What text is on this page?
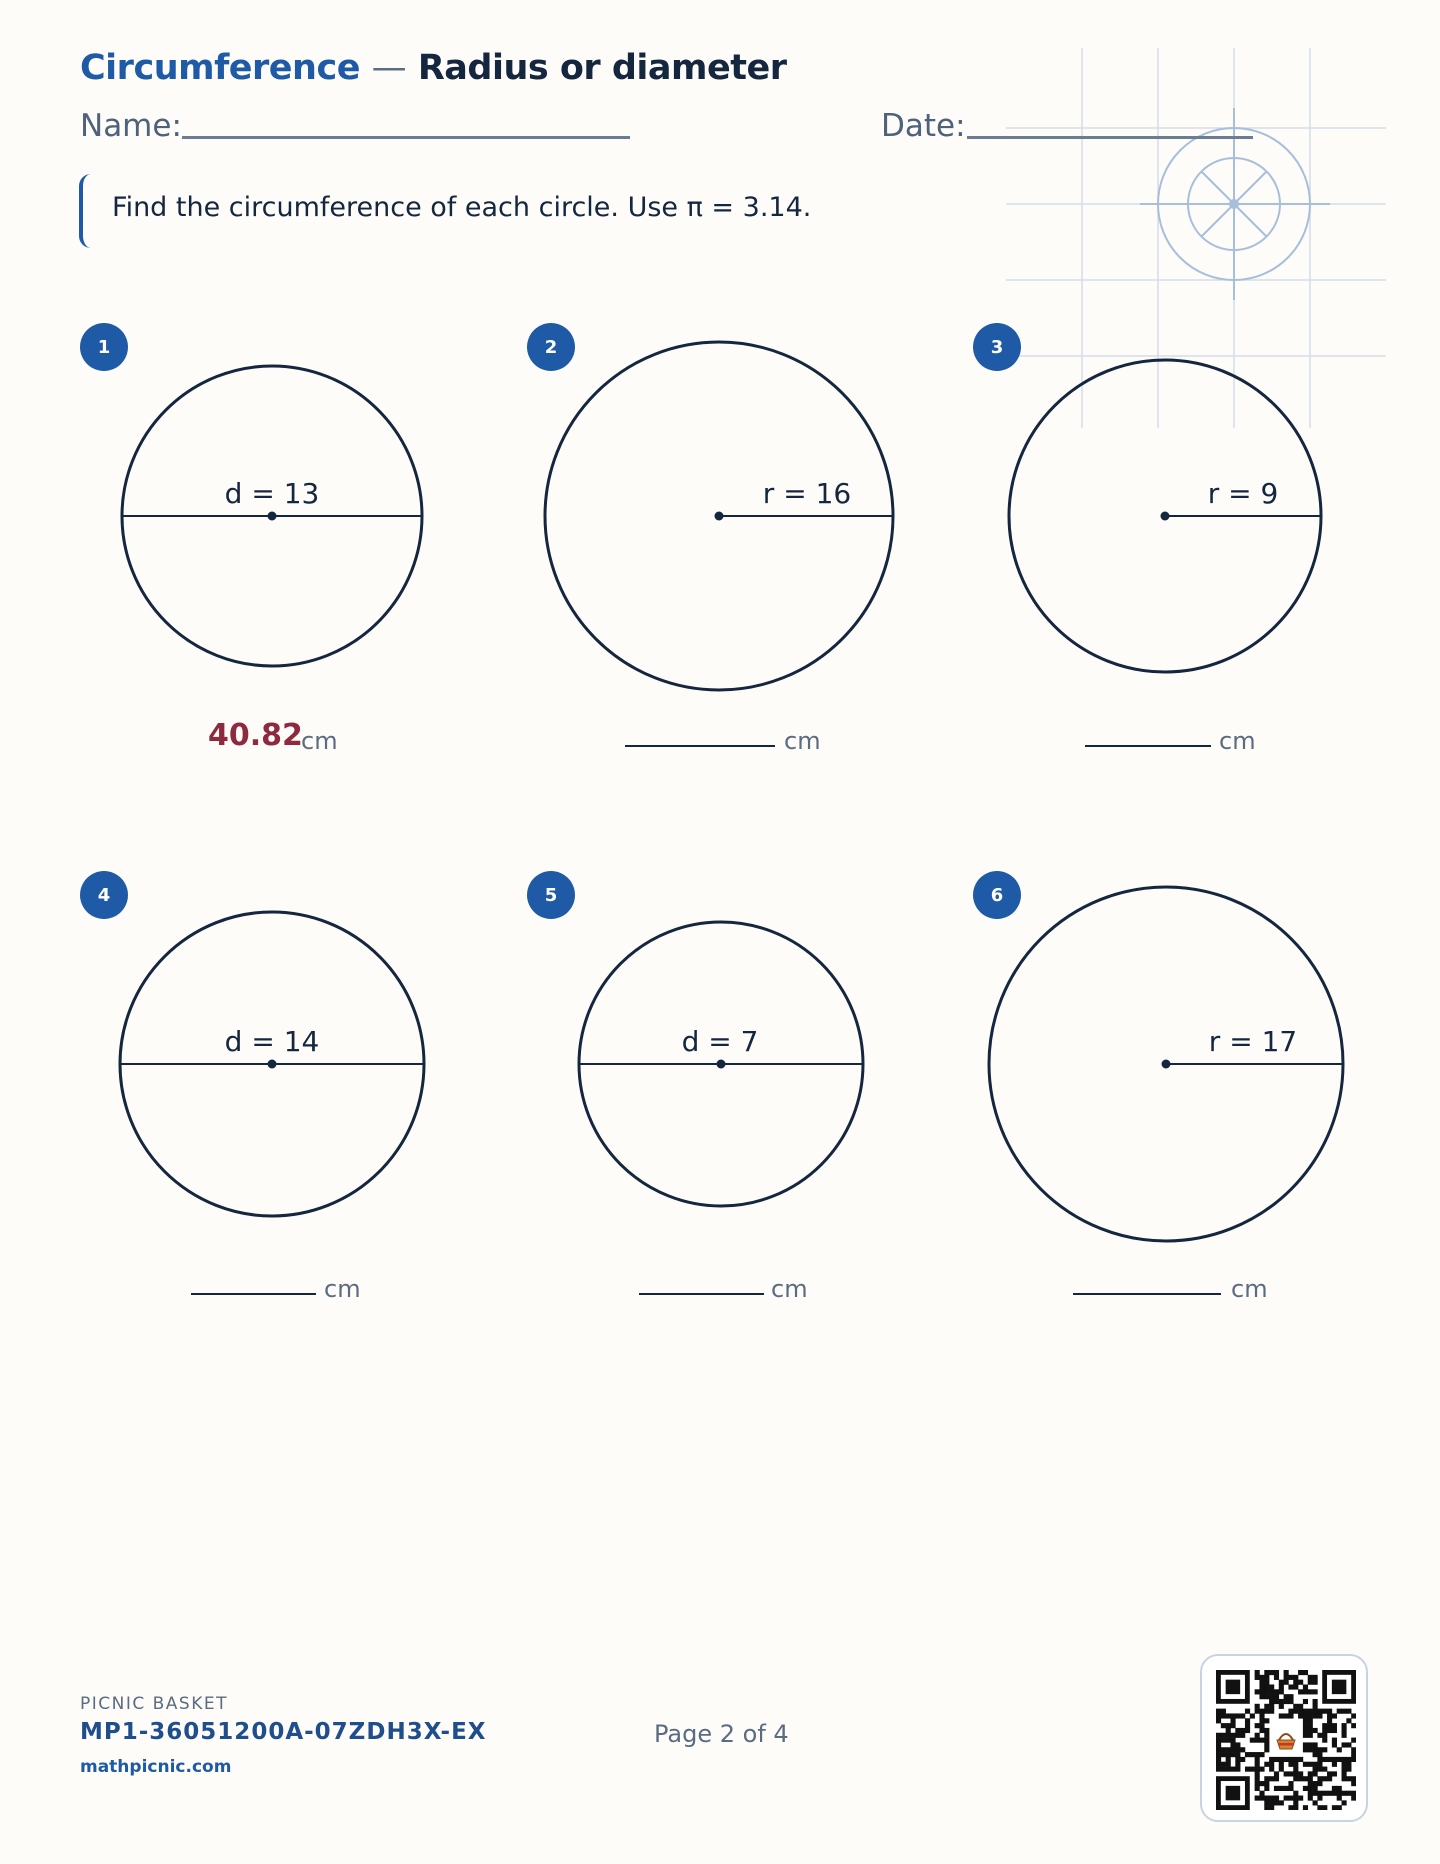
Circumference — Radius or diameter
Name:	Date:
Find the circumference of each circle. Use π = 3.14.
1
d = 13
40.82
cm
2
r = 16
cm
3
r = 9
cm
4
d = 14
cm
5
d = 7
cm
6
r = 17
cm
PICNIC BASKET
MP1-36051200A-07ZDH3X-EX
mathpicnic.com
Page 2 of 4
